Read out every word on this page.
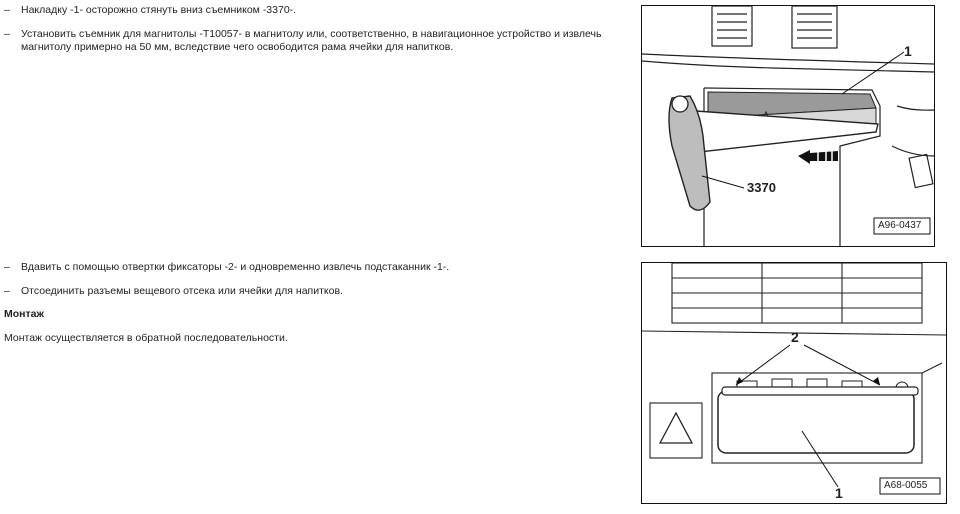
– Накладку -1- осторожно стянуть вниз съемником -3370-.
– Установить съемник для магнитолы -T10057- в магнитолу или, соответственно, в навигационное устройство и извлечь магнитолу примерно на 50 мм, вследствие чего освободится рама ячейки для напитков.
– Вдавить с помощью отвертки фиксаторы -2- и одновременно извлечь подстаканник -1-.
– Отсоединить разъемы вещевого отсека или ячейки для напитков.
Монтаж
Монтаж осуществляется в обратной последовательности.
1
3370
A96-0437
2
1	A68-0055
